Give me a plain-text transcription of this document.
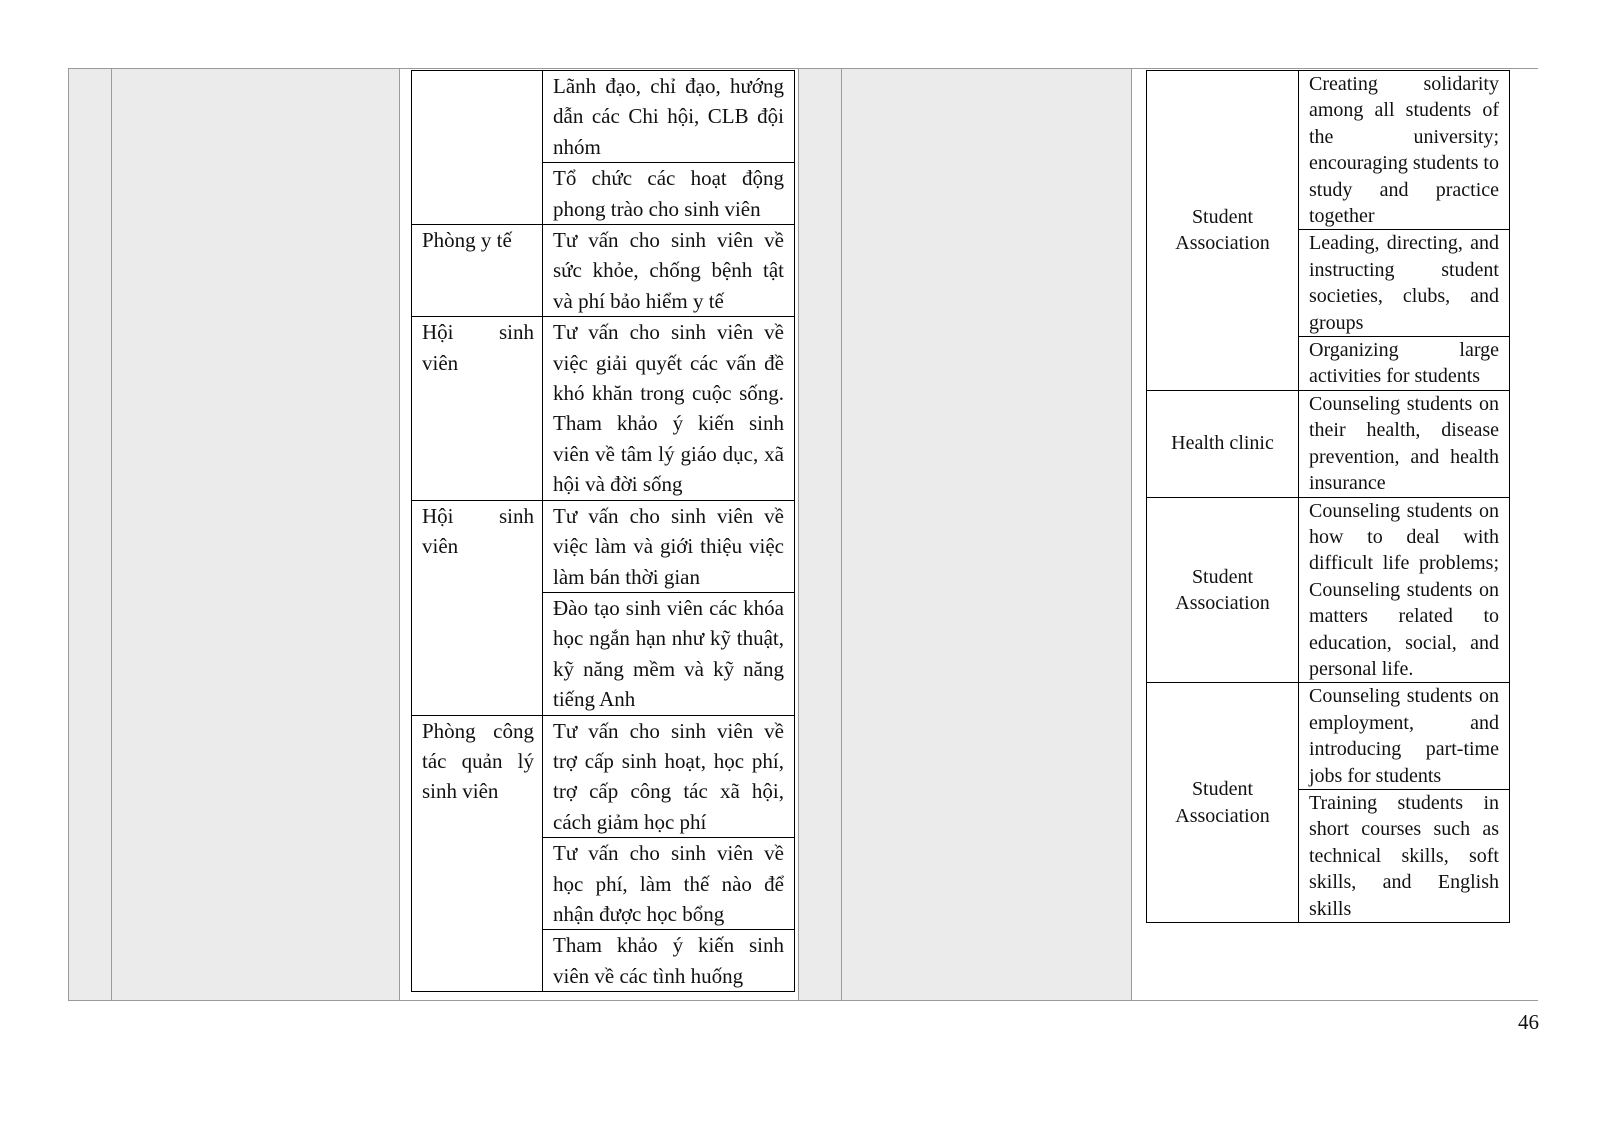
	Lãnh đạo, chỉ đạo, hướng dẫn các Chi hội, CLB đội nhóm
	Tổ chức các hoạt động phong trào cho sinh viên
Phòng y tế	Tư vấn cho sinh viên về sức khỏe, chống bệnh tật và phí bảo hiểm y tế
Hội sinh viên	Tư vấn cho sinh viên về việc giải quyết các vấn đề khó khăn trong cuộc sống. Tham khảo ý kiến sinh viên về tâm lý giáo dục, xã hội và đời sống
Hội sinh viên	Tư vấn cho sinh viên về việc làm và giới thiệu việc làm bán thời gian
	Đào tạo sinh viên các khóa học ngắn hạn như kỹ thuật, kỹ năng mềm và kỹ năng tiếng Anh
Phòng công tác quản lý sinh viên	Tư vấn cho sinh viên về trợ cấp sinh hoạt, học phí, trợ cấp công tác xã hội, cách giảm học phí
	Tư vấn cho sinh viên về học phí, làm thế nào để nhận được học bổng
	Tham khảo ý kiến sinh viên về các tình huống
Student Association	Creating solidarity among all students of the university; encouraging students to study and practice together
	Leading, directing, and instructing student societies, clubs, and groups
	Organizing large activities for students
Health clinic	Counseling students on their health, disease prevention, and health insurance
Student Association	Counseling students on how to deal with difficult life problems; Counseling students on matters related to education, social, and personal life.
Student Association	Counseling students on employment, and introducing part-time jobs for students
	Training students in short courses such as technical skills, soft skills, and English skills
46
